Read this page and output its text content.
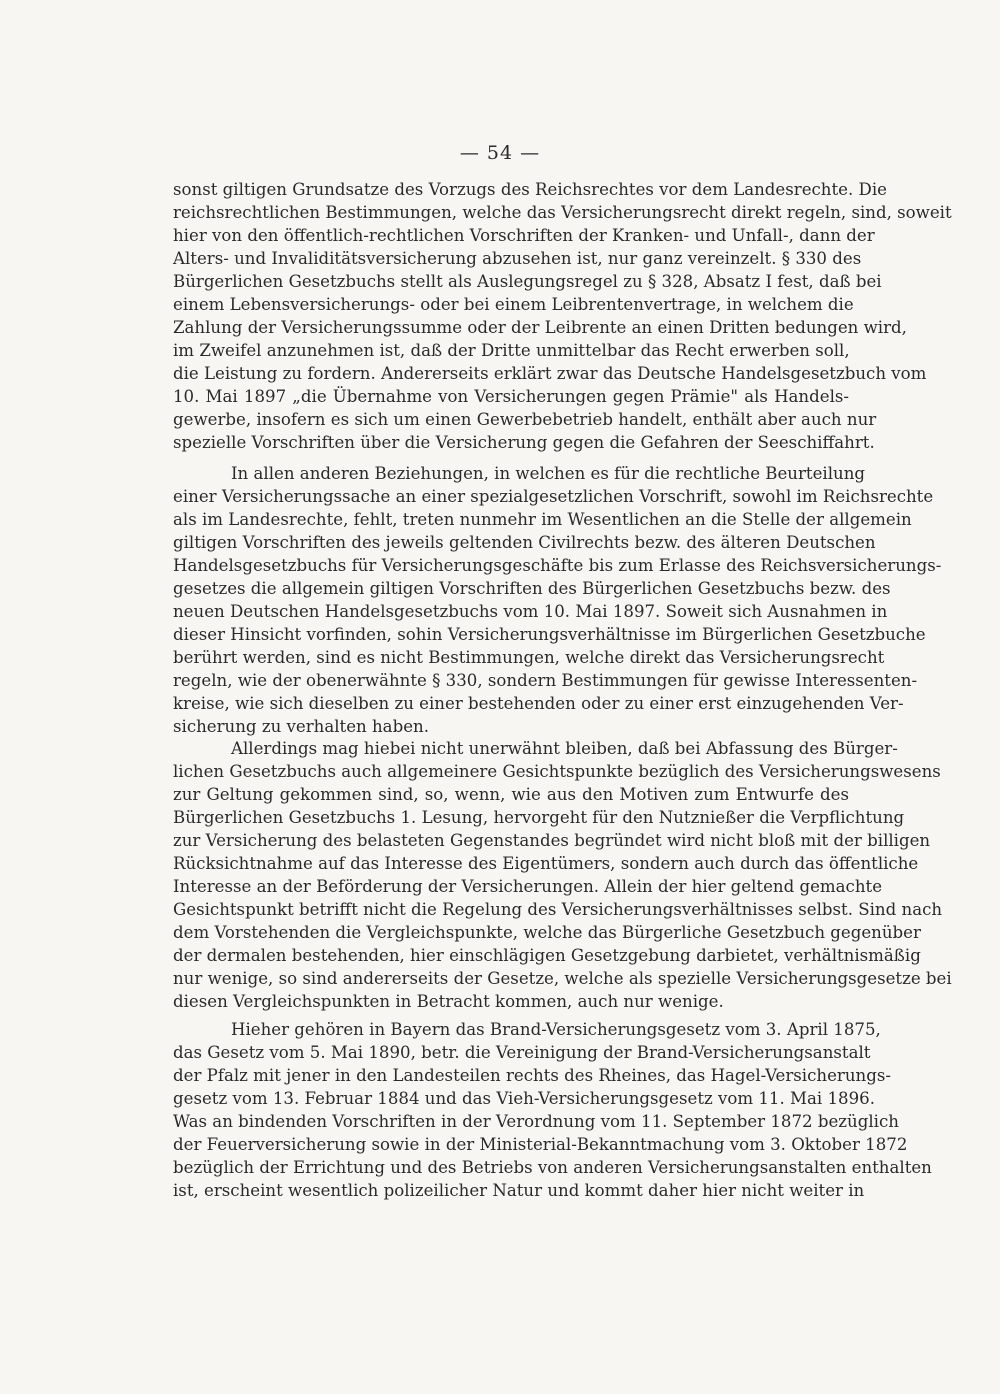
— 54 —
sonst giltigen Grundsatze des Vorzugs des Reichsrechtes vor dem Landesrechte. Die
reichsrechtlichen Bestimmungen, welche das Versicherungsrecht direkt regeln, sind, soweit
hier von den öffentlich-rechtlichen Vorschriften der Kranken- und Unfall-, dann der
Alters- und Invaliditätsversicherung abzusehen ist, nur ganz vereinzelt. § 330 des
Bürgerlichen Gesetzbuchs stellt als Auslegungsregel zu § 328, Absatz I fest, daß bei
einem Lebensversicherungs- oder bei einem Leibrentenvertrage, in welchem die
Zahlung der Versicherungssumme oder der Leibrente an einen Dritten bedungen wird,
im Zweifel anzunehmen ist, daß der Dritte unmittelbar das Recht erwerben soll,
die Leistung zu fordern. Andererseits erklärt zwar das Deutsche Handelsgesetzbuch vom
10. Mai 1897 „die Übernahme von Versicherungen gegen Prämie" als Handels-
gewerbe, insofern es sich um einen Gewerbebetrieb handelt, enthält aber auch nur
spezielle Vorschriften über die Versicherung gegen die Gefahren der Seeschiffahrt.
In allen anderen Beziehungen, in welchen es für die rechtliche Beurteilung
einer Versicherungssache an einer spezialgesetzlichen Vorschrift, sowohl im Reichsrechte
als im Landesrechte, fehlt, treten nunmehr im Wesentlichen an die Stelle der allgemein
giltigen Vorschriften des jeweils geltenden Civilrechts bezw. des älteren Deutschen
Handelsgesetzbuchs für Versicherungsgeschäfte bis zum Erlasse des Reichsversicherungs-
gesetzes die allgemein giltigen Vorschriften des Bürgerlichen Gesetzbuchs bezw. des
neuen Deutschen Handelsgesetzbuchs vom 10. Mai 1897. Soweit sich Ausnahmen in
dieser Hinsicht vorfinden, sohin Versicherungsverhältnisse im Bürgerlichen Gesetzbuche
berührt werden, sind es nicht Bestimmungen, welche direkt das Versicherungsrecht
regeln, wie der obenerwähnte § 330, sondern Bestimmungen für gewisse Interessenten-
kreise, wie sich dieselben zu einer bestehenden oder zu einer erst einzugehenden Ver-
sicherung zu verhalten haben.
Allerdings mag hiebei nicht unerwähnt bleiben, daß bei Abfassung des Bürger-
lichen Gesetzbuchs auch allgemeinere Gesichtspunkte bezüglich des Versicherungswesens
zur Geltung gekommen sind, so, wenn, wie aus den Motiven zum Entwurfe des
Bürgerlichen Gesetzbuchs 1. Lesung, hervorgeht für den Nutznießer die Verpflichtung
zur Versicherung des belasteten Gegenstandes begründet wird nicht bloß mit der billigen
Rücksichtnahme auf das Interesse des Eigentümers, sondern auch durch das öffentliche
Interesse an der Beförderung der Versicherungen. Allein der hier geltend gemachte
Gesichtspunkt betrifft nicht die Regelung des Versicherungsverhältnisses selbst. Sind nach
dem Vorstehenden die Vergleichspunkte, welche das Bürgerliche Gesetzbuch gegenüber
der dermalen bestehenden, hier einschlägigen Gesetzgebung darbietet, verhältnismäßig
nur wenige, so sind andererseits der Gesetze, welche als spezielle Versicherungsgesetze bei
diesen Vergleichspunkten in Betracht kommen, auch nur wenige.
Hieher gehören in Bayern das Brand-Versicherungsgesetz vom 3. April 1875,
das Gesetz vom 5. Mai 1890, betr. die Vereinigung der Brand-Versicherungsanstalt
der Pfalz mit jener in den Landesteilen rechts des Rheines, das Hagel-Versicherungs-
gesetz vom 13. Februar 1884 und das Vieh-Versicherungsgesetz vom 11. Mai 1896.
Was an bindenden Vorschriften in der Verordnung vom 11. September 1872 bezüglich
der Feuerversicherung sowie in der Ministerial-Bekanntmachung vom 3. Oktober 1872
bezüglich der Errichtung und des Betriebs von anderen Versicherungsanstalten enthalten
ist, erscheint wesentlich polizeilicher Natur und kommt daher hier nicht weiter in
